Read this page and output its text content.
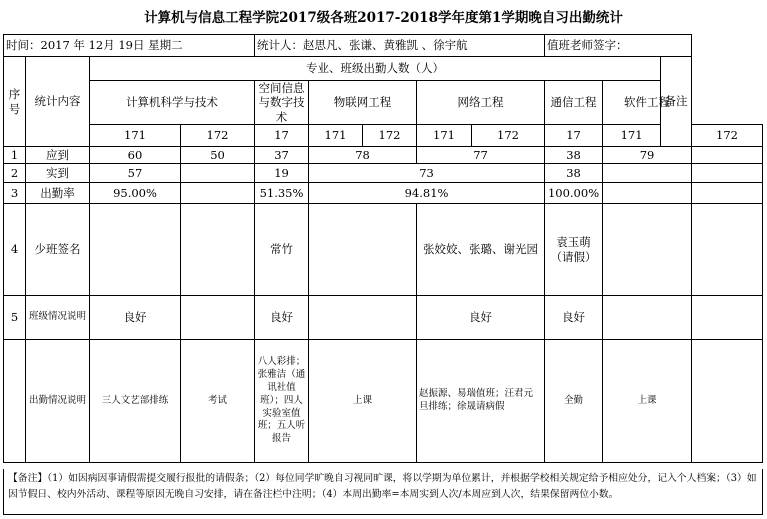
计算机与信息工程学院2017级各班2017-2018学年度第1学期晚自习出勤统计
时间：2017 年 12月 19日 星期二				统计人：赵思凡、张谦、黄雅凯 、徐宇航					值班老师签字：			
序号	统计内容	专业、班级出勤人数（人）									备注	
		计算机科学与技术		空间信息与数字技术	物联网工程		网络工程		通信工程	软件工程		
		171	172	17	171	172	171	172	17	171		172
1	应到	60	50	37	78		77		38	79		
2	实到	57		19	73				38			
3	出勤率	95.00%		51.35%	94.81%				100.00%			
4	少班签名			常竹			张姣姣、张璐、谢光园		袁玉萌（请假）			
5	班级情况说明	良好		良好			良好		良好			
	出勤情况说明	三人文艺部排练	考试	八人彩排；张雅洁（通讯社值班）；四人实验室值班；五人听报告	上课		赵振源、易瑞值班；汪君元旦排练；徐晟请病假		全勤	上课		
【备注】（1）如因病因事请假需提交履行报批的请假条；（2）每位同学旷晚自习视同旷课，将以学期为单位累计，并根据学校相关规定给予相应处分，记入个人档案；（3）如因节假日、校内外活动、课程等原因无晚自习安排，请在备注栏中注明；（4）本周出勤率=本周实到人次/本周应到人次，结果保留两位小数。
